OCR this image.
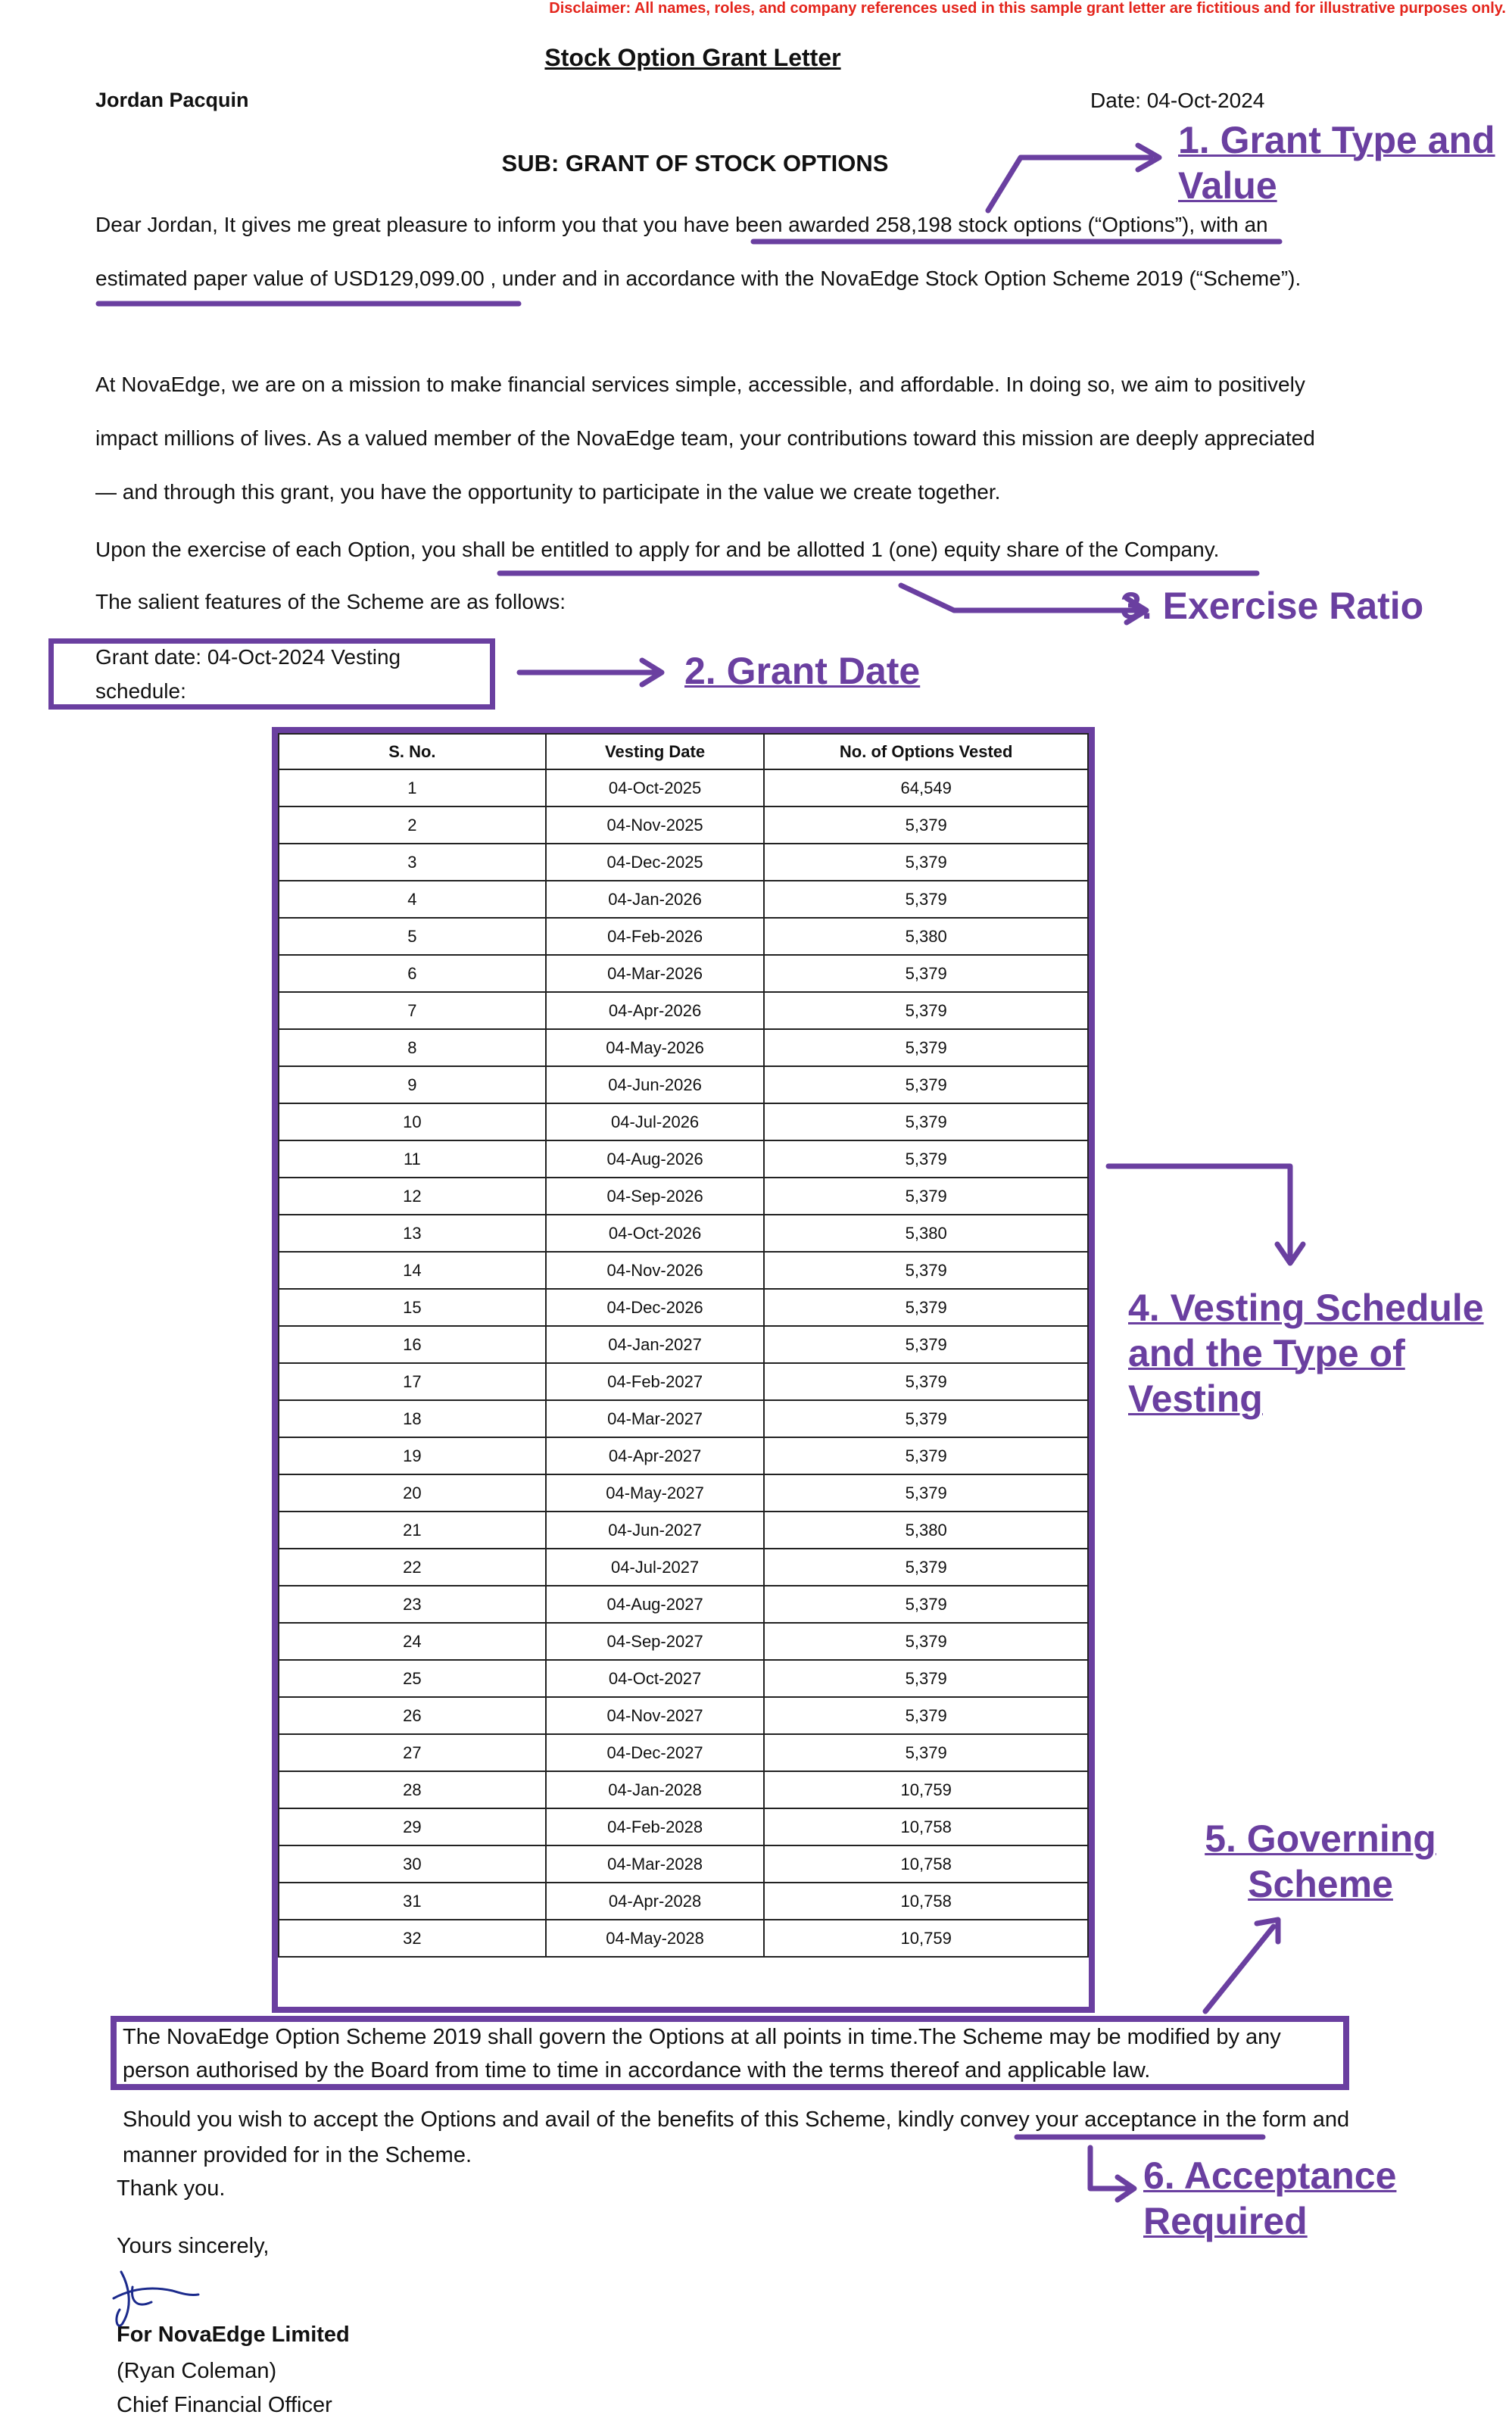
Disclaimer: All names, roles, and company references used in this sample grant letter are fictitious and for illustrative purposes only.
Stock Option Grant Letter
Jordan Pacquin	Date: 04-Oct-2024
SUB: GRANT OF STOCK OPTIONS
Dear Jordan, It gives me great pleasure to inform you that you have been awarded 258,198 stock options (“Options”), with an estimated paper value of USD129,099.00 , under and in accordance with the NovaEdge Stock Option Scheme 2019 (“Scheme”).
At NovaEdge, we are on a mission to make financial services simple, accessible, and affordable. In doing so, we aim to positively impact millions of lives. As a valued member of the NovaEdge team, your contributions toward this mission are deeply appreciated — and through this grant, you have the opportunity to participate in the value we create together.
Upon the exercise of each Option, you shall be entitled to apply for and be allotted 1 (one) equity share of the Company.
The salient features of the Scheme are as follows:
Grant date: 04-Oct-2024 Vesting schedule:
S. No.	Vesting Date	No. of Options Vested
1	04-Oct-2025	64,549
2	04-Nov-2025	5,379
3	04-Dec-2025	5,379
4	04-Jan-2026	5,379
5	04-Feb-2026	5,380
6	04-Mar-2026	5,379
7	04-Apr-2026	5,379
8	04-May-2026	5,379
9	04-Jun-2026	5,379
10	04-Jul-2026	5,379
11	04-Aug-2026	5,379
12	04-Sep-2026	5,379
13	04-Oct-2026	5,380
14	04-Nov-2026	5,379
15	04-Dec-2026	5,379
16	04-Jan-2027	5,379
17	04-Feb-2027	5,379
18	04-Mar-2027	5,379
19	04-Apr-2027	5,379
20	04-May-2027	5,379
21	04-Jun-2027	5,380
22	04-Jul-2027	5,379
23	04-Aug-2027	5,379
24	04-Sep-2027	5,379
25	04-Oct-2027	5,379
26	04-Nov-2027	5,379
27	04-Dec-2027	5,379
28	04-Jan-2028	10,759
29	04-Feb-2028	10,758
30	04-Mar-2028	10,758
31	04-Apr-2028	10,758
32	04-May-2028	10,759
The NovaEdge Option Scheme 2019 shall govern the Options at all points in time.The Scheme may be modified by any person authorised by the Board from time to time in accordance with the terms thereof and applicable law.
Should you wish to accept the Options and avail of the benefits of this Scheme, kindly convey your acceptance in the form and manner provided for in the Scheme.
Thank you.
Yours sincerely,
For NovaEdge Limited
(Ryan Coleman)
Chief Financial Officer
1. Grant Type and Value
2. Grant Date
3. Exercise Ratio
4. Vesting Schedule and the Type of Vesting
5. Governing Scheme
6. Acceptance Required
